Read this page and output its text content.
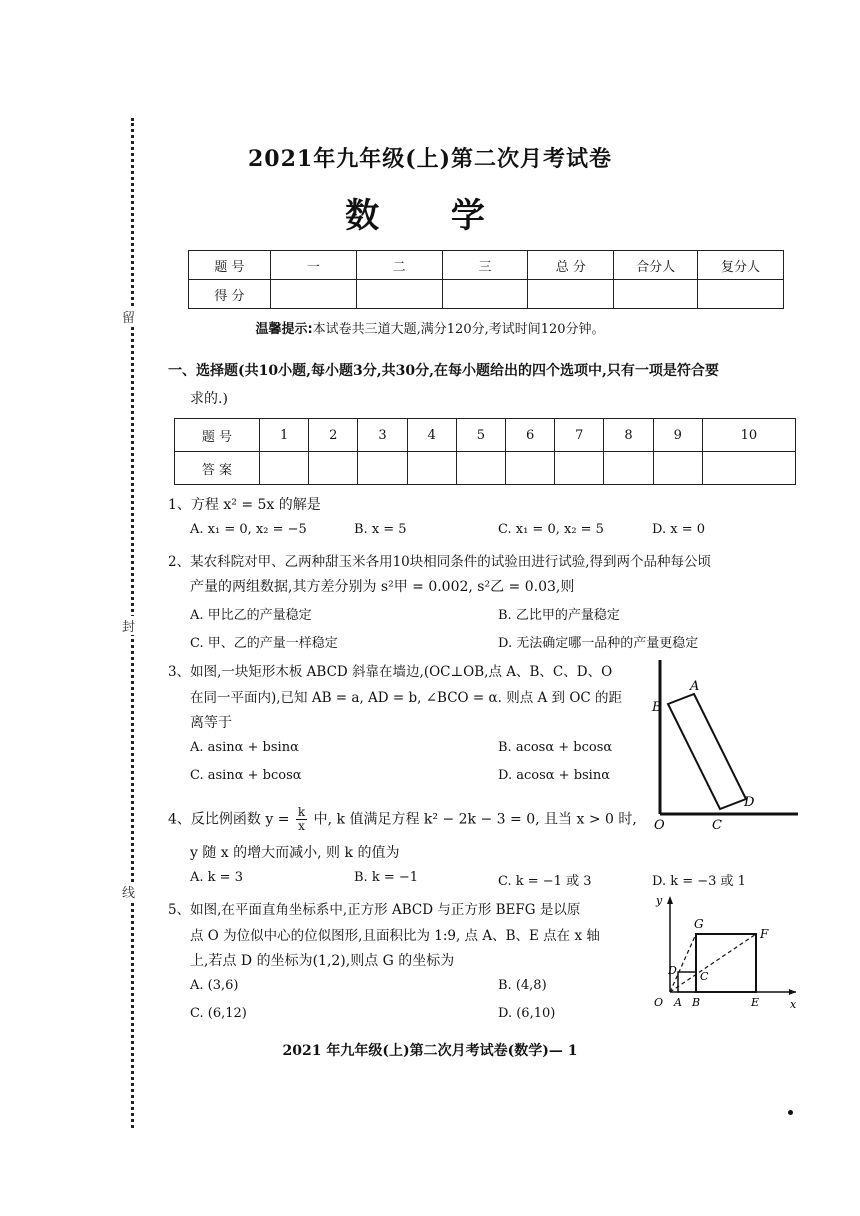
留
封
线
2021年九年级(上)第二次月考试卷
数 学
题 号	一	二	三	总 分	合分人	复分人
得 分						
温馨提示:本试卷共三道大题,满分120分,考试时间120分钟。
一、选择题(共10小题,每小题3分,共30分,在每小题给出的四个选项中,只有一项是符合要
求的.)
题 号	1	2	3	4	5	6	7	8	9	10
答 案										
1、方程 x² = 5x 的解是
A. x₁ = 0, x₂ = −5	B. x = 5	C. x₁ = 0, x₂ = 5	D. x = 0
2、某农科院对甲、乙两种甜玉米各用10块相同条件的试验田进行试验,得到两个品种每公顷
产量的两组数据,其方差分别为 s²甲 = 0.002, s²乙 = 0.03,则
A. 甲比乙的产量稳定	B. 乙比甲的产量稳定
C. 甲、乙的产量一样稳定	D. 无法确定哪一品种的产量更稳定
3、如图,一块矩形木板 ABCD 斜靠在墙边,(OC⊥OB,点 A、B、C、D、O
在同一平面内),已知 AB = a, AD = b, ∠BCO = α. 则点 A 到 OC 的距
离等于
A. asinα + bsinα	B. acosα + bcosα
C. asinα + bcosα	D. acosα + bsinα
B
A
D
C
O
4、反比例函数 $y = \frac{k}{x}$ 中, k 值满足方程 k² − 2k − 3 = 0, 且当 x > 0 时,
y 随 x 的增大而减小, 则 k 的值为
A. k = 3	B. k = −1	C. k = −1 或 3	D. k = −3 或 1
5、如图,在平面直角坐标系中,正方形 ABCD 与正方形 BEFG 是以原
点 O 为位似中心的位似图形,且面积比为 1:9, 点 A、B、E 点在 x 轴
上,若点 D 的坐标为(1,2),则点 G 的坐标为
A. (3,6)	B. (4,8)
C. (6,12)	D. (6,10)
y
x
O A B	E
F
G
D C
2021 年九年级(上)第二次月考试卷(数学)— 1
